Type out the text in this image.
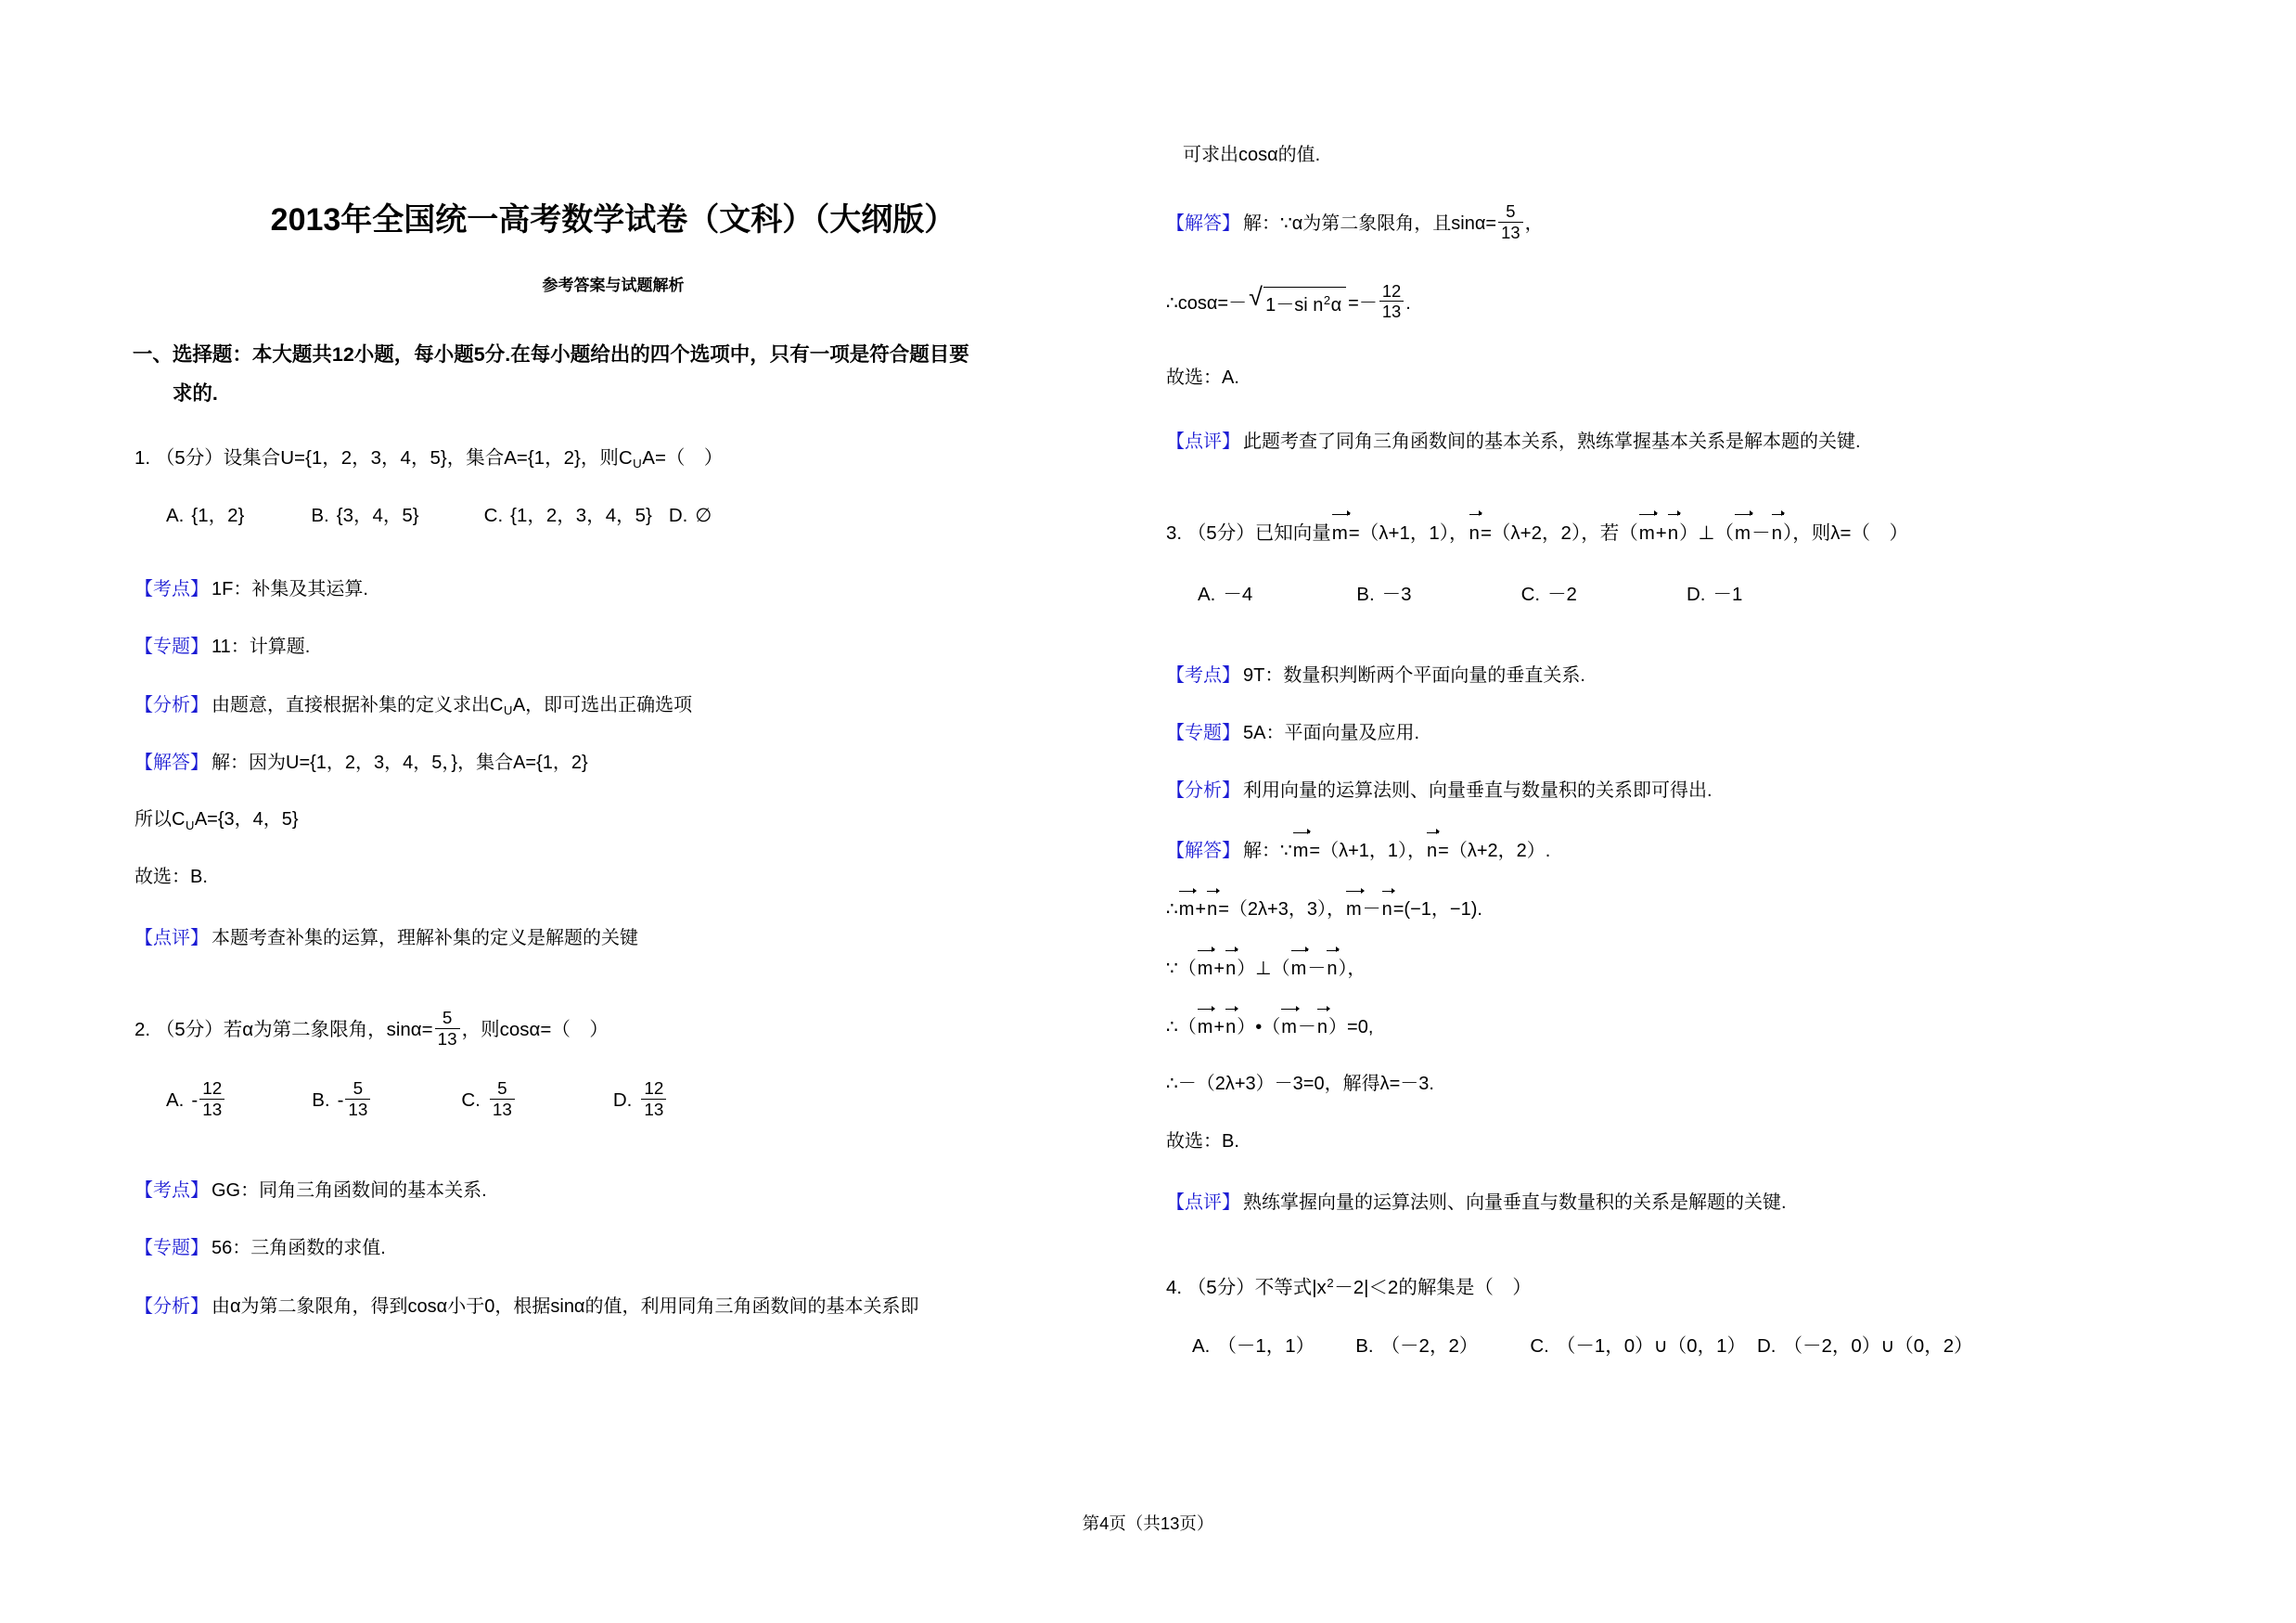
2013年全国统一高考数学试卷（文科）（大纲版）
参考答案与试题解析
一、选择题：本大题共12小题，每小题5分.在每小题给出的四个选项中，只有一项是符合题目要
求的.
1. （5分）设集合U={1，2，3，4，5}，集合A={1，2}，则$C_UA=$（　）
A. {1，2}	B. {3，4，5}	C. {1，2，3，4，5} D. ∅
【考点】 1F：补集及其运算.
【专题】 11：计算题.
【分析】 由题意，直接根据补集的定义求出$C_UA$，即可选出正确选项
【解答】 解：因为U={1，2，3，4，5，}，集合A={1，2}
所以$C_UA=\{3$，4，5}
故选：B.
【点评】 本题考查补集的运算，理解补集的定义是解题的关键
2. （5分）若α为第二象限角，$\sin\alpha= \frac{5}{13}$ ，则cosα=（　）
A. - $\frac{12}{13}$	B. - $\frac{5}{13}$	C. $\frac{5}{13}$	D. $\frac{12}{13}$
【考点】 GG：同角三角函数间的基本关系.
【专题】 56：三角函数的求值.
【分析】 由α为第二象限角，得到cosα小于0，根据sinα的值，利用同角三角函数间的基本关系即
可求出cosα的值.
【解答】 解：∵α为第二象限角，且$\sin\alpha= \frac{5}{13}$ ，
∴cosα=－ √ 1－si $n^2\alpha =- \frac{12}{13}$ .
故选：A.
【点评】 此题考查了同角三角函数间的基本关系，熟练掌握基本关系是解本题的关键.
3. （5分）已知向量m=（λ+1，1），n=（λ+2，2），若（m+n）⊥（m－n），则λ=（　）
A. －4	B. －3	C. －2	D. －1
【考点】 9T：数量积判断两个平面向量的垂直关系.
【专题】 5A：平面向量及应用.
【分析】 利用向量的运算法则、向量垂直与数量积的关系即可得出.
【解答】 解：∵m=（λ+1，1），n=（λ+2，2）.
∴m+n=（2λ+3，3），m－n=(−1，−1).
∵（m+n）⊥（m－n），
∴（m+n）•（m－n）=0,
∴－（2λ+3）－3=0，解得λ=－3.
故选：B.
【点评】 熟练掌握向量的运算法则、向量垂直与数量积的关系是解题的关键.
4. （5分）不等式$|x^2-2|<2$的解集是（　）
A. （－1，1） B. （－2，2）	C. （－1，0）∪（0，1） D. （－2，0）∪（0，2）
第4页（共13页）
